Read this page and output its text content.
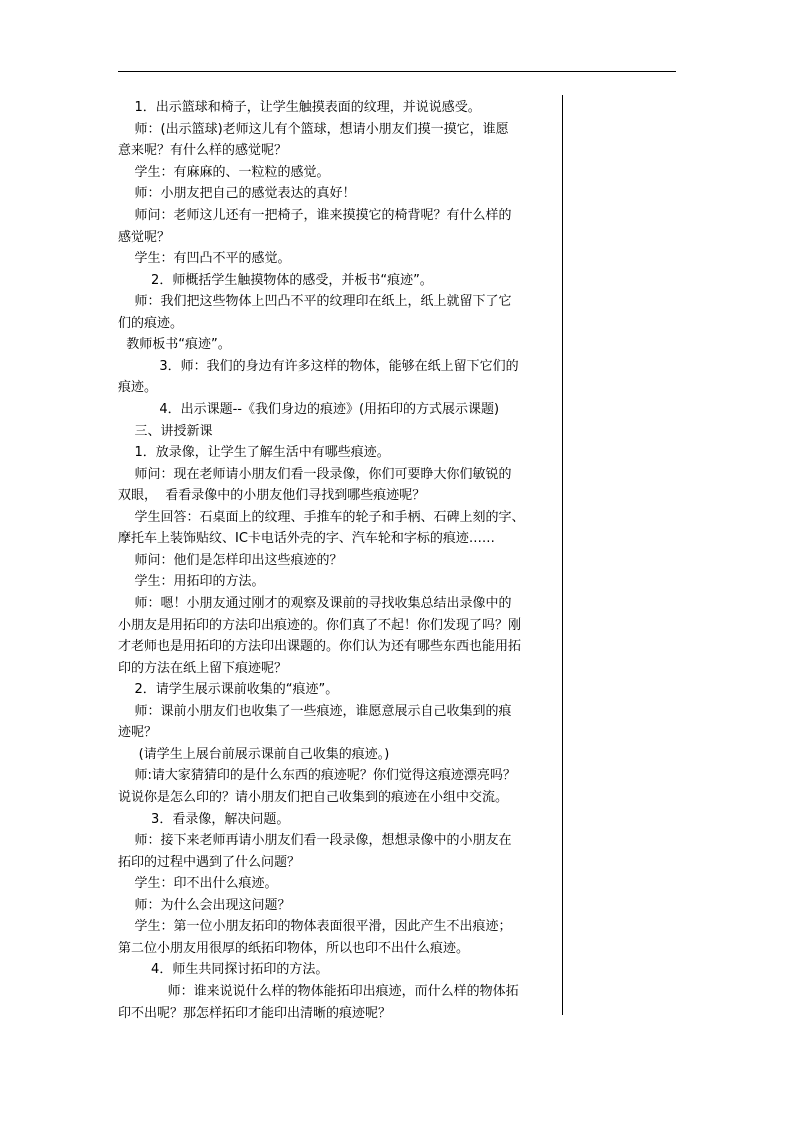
1．出示篮球和椅子，让学生触摸表面的纹理，并说说感受。
师：(出示篮球)老师这儿有个篮球，想请小朋友们摸一摸它，谁愿
意来呢？有什么样的感觉呢？
学生：有麻麻的、一粒粒的感觉。
师：小朋友把自己的感觉表达的真好！
师问：老师这儿还有一把椅子，谁来摸摸它的椅背呢？有什么样的
感觉呢？
学生：有凹凸不平的感觉。
2．师概括学生触摸物体的感受，并板书“痕迹”。
师：我们把这些物体上凹凸不平的纹理印在纸上，纸上就留下了它
们的痕迹。
教师板书“痕迹”。
3．师：我们的身边有许多这样的物体，能够在纸上留下它们的
痕迹。
4．出示课题--《我们身边的痕迹》(用拓印的方式展示课题)
三、讲授新课
1．放录像，让学生了解生活中有哪些痕迹。
师问：现在老师请小朋友们看一段录像，你们可要睁大你们敏锐的
双眼，  看看录像中的小朋友他们寻找到哪些痕迹呢？
学生回答：石桌面上的纹理、手推车的轮子和手柄、石碑上刻的字、
摩托车上装饰贴纹、IC卡电话外壳的字、汽车轮和字标的痕迹……
师问：他们是怎样印出这些痕迹的？
学生：用拓印的方法。
师：嗯！小朋友通过刚才的观察及课前的寻找收集总结出录像中的
小朋友是用拓印的方法印出痕迹的。你们真了不起！你们发现了吗？刚
才老师也是用拓印的方法印出课题的。你们认为还有哪些东西也能用拓
印的方法在纸上留下痕迹呢？
2．请学生展示课前收集的“痕迹”。
师：课前小朋友们也收集了一些痕迹，谁愿意展示自己收集到的痕
迹呢？
(请学生上展台前展示课前自己收集的痕迹。)
师:请大家猜猜印的是什么东西的痕迹呢？你们觉得这痕迹漂亮吗？
说说你是怎么印的？请小朋友们把自己收集到的痕迹在小组中交流。
3．看录像，解决问题。
师：接下来老师再请小朋友们看一段录像，想想录像中的小朋友在
拓印的过程中遇到了什么问题？
学生：印不出什么痕迹。
师：为什么会出现这问题？
学生：第一位小朋友拓印的物体表面很平滑，因此产生不出痕迹；
第二位小朋友用很厚的纸拓印物体，所以也印不出什么痕迹。
4．师生共同探讨拓印的方法。
师：谁来说说什么样的物体能拓印出痕迹，而什么样的物体拓
印不出呢？那怎样拓印才能印出清晰的痕迹呢？
